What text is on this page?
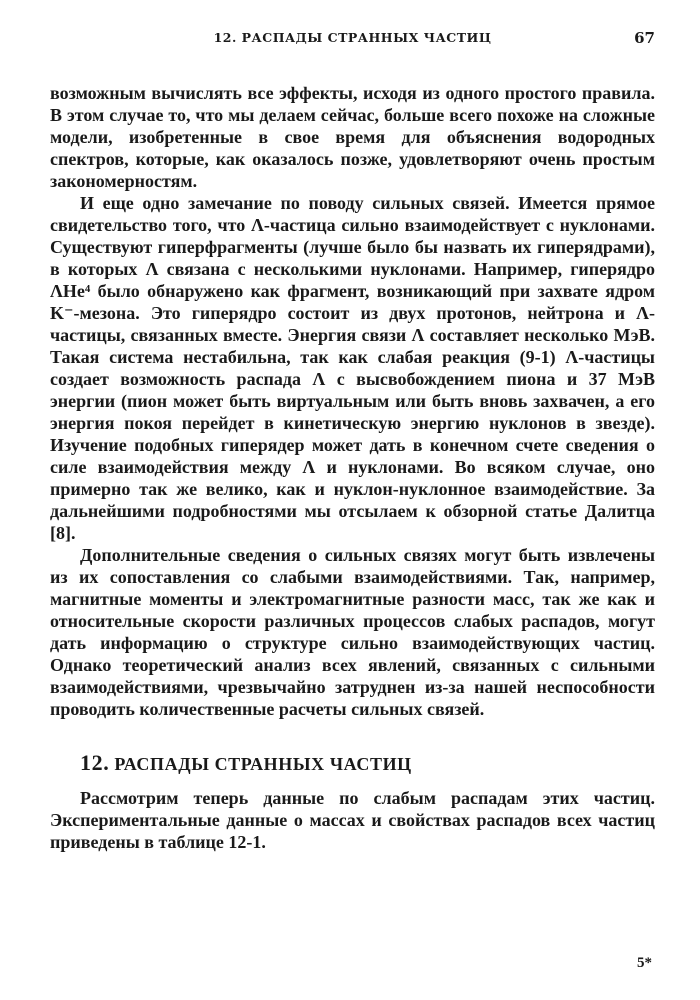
12. РАСПАДЫ СТРАННЫХ ЧАСТИЦ	67

возможным вычислять все эффекты, исходя из одного простого правила. В этом случае то, что мы делаем сейчас, больше всего похоже на сложные модели, изобретенные в свое время для объяснения водородных спектров, которые, как оказалось позже, удовлетворяют очень простым закономерностям.

И еще одно замечание по поводу сильных связей. Имеется прямое свидетельство того, что Λ-частица сильно взаимодействует с нуклонами. Существуют гиперфрагменты (лучше было бы назвать их гиперядрами), в которых Λ связана с несколькими нуклонами. Например, гиперядро ΛHe⁴ было обнаружено как фрагмент, возникающий при захвате ядром K⁻-мезона. Это гиперядро состоит из двух протонов, нейтрона и Λ-частицы, связанных вместе. Энергия связи Λ составляет несколько МэВ. Такая система нестабильна, так как слабая реакция (9-1) Λ-частицы создает возможность распада Λ с высвобождением пиона и 37 МэВ энергии (пион может быть виртуальным или быть вновь захвачен, а его энергия покоя перейдет в кинетическую энергию нуклонов в звезде). Изучение подобных гиперядер может дать в конечном счете сведения о силе взаимодействия между Λ и нуклонами. Во всяком случае, оно примерно так же велико, как и нуклон-нуклонное взаимодействие. За дальнейшими подробностями мы отсылаем к обзорной статье Далитца [8].

Дополнительные сведения о сильных связях могут быть извлечены из их сопоставления со слабыми взаимодействиями. Так, например, магнитные моменты и электромагнитные разности масс, так же как и относительные скорости различных процессов слабых распадов, могут дать информацию о структуре сильно взаимодействующих частиц. Однако теоретический анализ всех явлений, связанных с сильными взаимодействиями, чрезвычайно затруднен из-за нашей неспособности проводить количественные расчеты сильных связей.

12. РАСПАДЫ СТРАННЫХ ЧАСТИЦ

Рассмотрим теперь данные по слабым распадам этих частиц. Экспериментальные данные о массах и свойствах распадов всех частиц приведены в таблице 12-1.

5*
